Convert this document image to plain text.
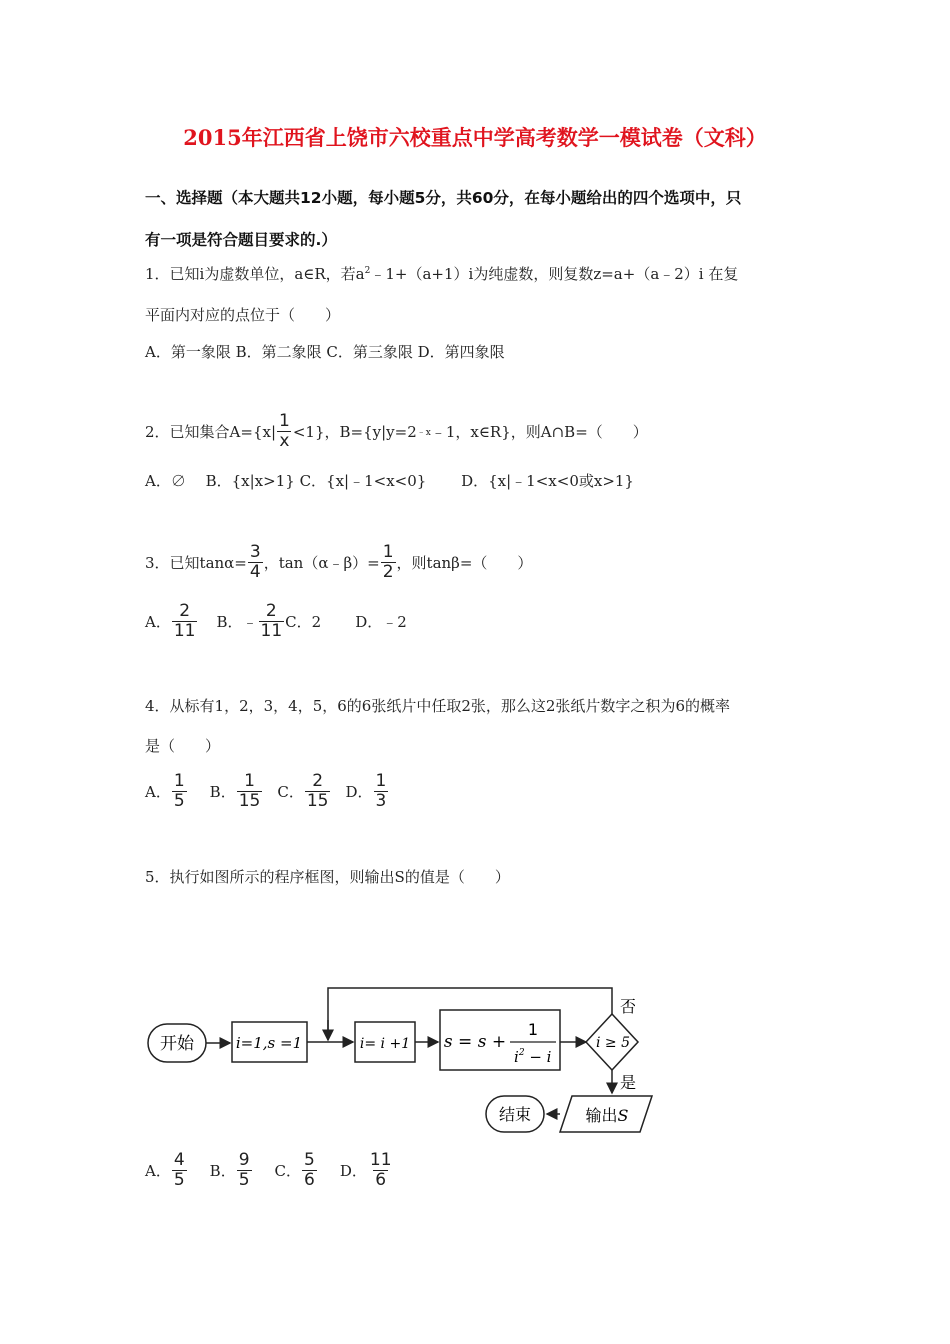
2015年江西省上饶市六校重点中学高考数学一模试卷（文科）
一、选择题（本大题共12小题，每小题5分，共60分，在每小题给出的四个选项中，只
有一项是符合题目要求的.）
1．已知i为虚数单位，a∈R，若$a^2﹣1+(a+1)i$为纯虚数，则复数z=a+（a﹣2）i 在复
平面内对应的点位于（　　）
A．第一象限 B．第二象限 C．第三象限 D．第四象限
2．已知集合$A=\{x| \frac{1}{x} <1\}$，B={y|y=2 ﹣x ﹣1，x∈R}，则A∩B=（　　）
A．∅　 B．{x|x>1} C．{x|﹣1<x<0}　　 D．{x|﹣1<x<0或x>1}
3．已知$\tan\alpha= \frac{3}{4}$ ，tan（α﹣β）= $\frac{1}{2}$ ，则tanβ=（　　）
A． $\frac{2}{11}$ B．﹣ $\frac{2}{11}$ C．2 D．﹣2
4．从标有1，2，3，4，5，6的6张纸片中任取2张，那么这2张纸片数字之积为6的概率
是（　　）
A． $\frac{1}{5}$ B． $\frac{1}{15}$ C． $\frac{2}{15}$ D． $\frac{1}{3}$
5．执行如图所示的程序框图，则输出S的值是（　　）
开始	i=1,s =1	i= i +1 s = s +
1
$i^2 - i$
i ≥ 5
否
是
输出S
结束
A． $\frac{4}{5}$ B． $\frac{9}{5}$ C． $\frac{5}{6}$ D． $\frac{11}{6}$
